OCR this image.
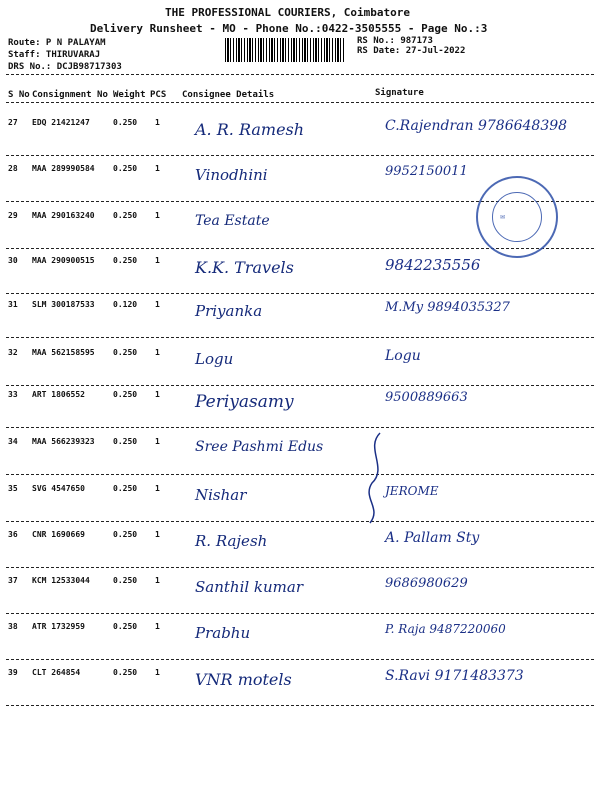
THE PROFESSIONAL COURIERS, Coimbatore
Delivery Runsheet - MO - Phone No.:0422-3505555 - Page No.:3
Route: P N PALAYAM
Staff: THIRUVARAJ
DRS No.: DCJB98717303
RS No.: 987173
RS Date: 27-Jul-2022
S No Consignment No Weight PCS Consignee Details	Signature
27 EDQ 21421247	0.250 1 A. R. Ramesh	C.Rajendran 9786648398
28 MAA 289990584 0.250 1 Vinodhini	9952150011
29 MAA 290163240 0.250 1	Tea Estate
30 MAA 290900515 0.250 1 K.K. Travels	9842235556
31 SLM 300187533 0.120 1 Priyanka	M.My 9894035327
32 MAA 562158595 0.250 1 Logu	Logu
33 ART 1806552	0.250 1 Periyasamy	9500889663
34 MAA 566239323 0.250 1	Sree Pashmi Edus
35 SVG 4547650	0.250 1 Nishar	JEROME
36 CNR 1690669	0.250 1 R. Rajesh	A. Pallam Sty
37 KCM 12533044	0.250 1 Santhil kumar	9686980629
38 ATR 1732959	0.250 1 Prabhu	P. Raja 9487220060
39 CLT 264854	0.250 1 VNR motels	S.Ravi 9171483373
✉
